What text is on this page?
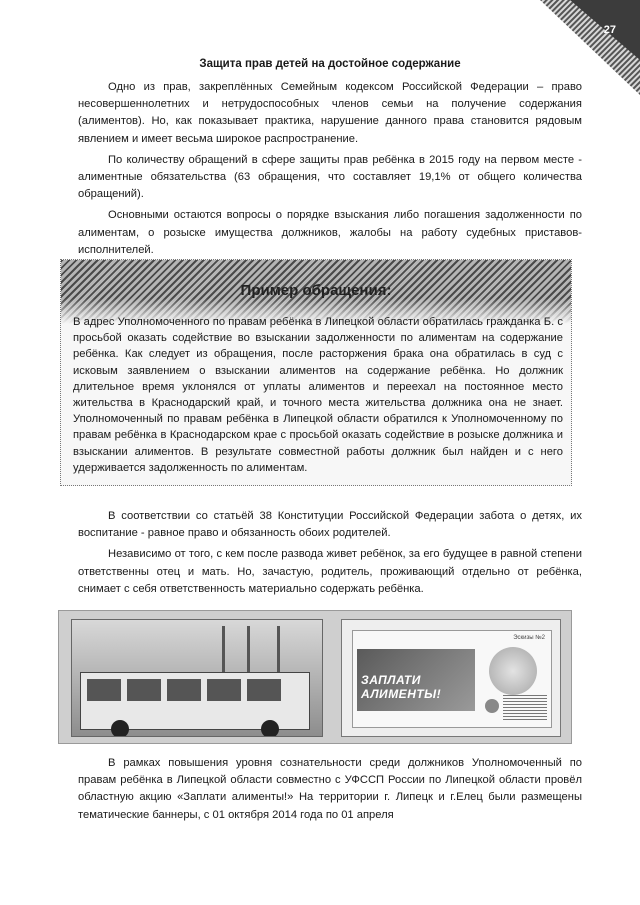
27
Защита прав детей на достойное содержание

Одно из прав, закреплённых Семейным кодексом Российской Федерации – право несовершеннолетних и нетрудоспособных членов семьи на получение содержания (алиментов). Но, как показывает практика, нарушение данного права становится рядовым явлением и имеет весьма широкое распространение.

По количеству обращений в сфере защиты прав ребёнка в 2015 году на первом месте - алиментные обязательства (63 обращения, что составляет 19,1% от общего количества обращений).

Основными остаются вопросы о порядке взыскания либо погашения задолженности по алиментам, о розыске имущества должников, жалобы на работу судебных приставов-исполнителей.

Пример обращения:

В адрес Уполномоченного по правам ребёнка в Липецкой области обратилась гражданка Б. с просьбой оказать содействие во взыскании задолженности по алиментам на содержание ребёнка. Как следует из обращения, после расторжения брака она обратилась в суд с исковым заявлением о взыскании алиментов на содержание ребёнка. Но должник длительное время уклонялся от уплаты алиментов и переехал на постоянное место жительства в Краснодарский край, и точного места жительства должника она не знает. Уполномоченный по правам ребёнка в Липецкой области обратился к Уполномоченному по правам ребёнка в Краснодарском крае с просьбой оказать содействие в розыске должника и взыскании алиментов. В результате совместной работы должник был найден и с него удерживается задолженность по алиментам.

В соответствии со статьёй 38 Конституции Российской Федерации забота о детях, их воспитание - равное право и обязанность обоих родителей.

Независимо от того, с кем после развода живет ребёнок, за его будущее в равной степени ответственны отец и мать. Но, зачастую, родитель, проживающий отдельно от ребёнка, снимает с себя ответственность материально содержать ребёнка.

Эскизы №2
ЗАПЛАТИ АЛИМЕНТЫ!

В рамках повышения уровня сознательности среди должников Уполномоченный по правам ребёнка в Липецкой области совместно с УФССП России по Липецкой области провёл областную акцию «Заплати алименты!» На территории г. Липецк и г.Елец были размещены тематические баннеры, с 01 октября 2014 года по 01 апреля
